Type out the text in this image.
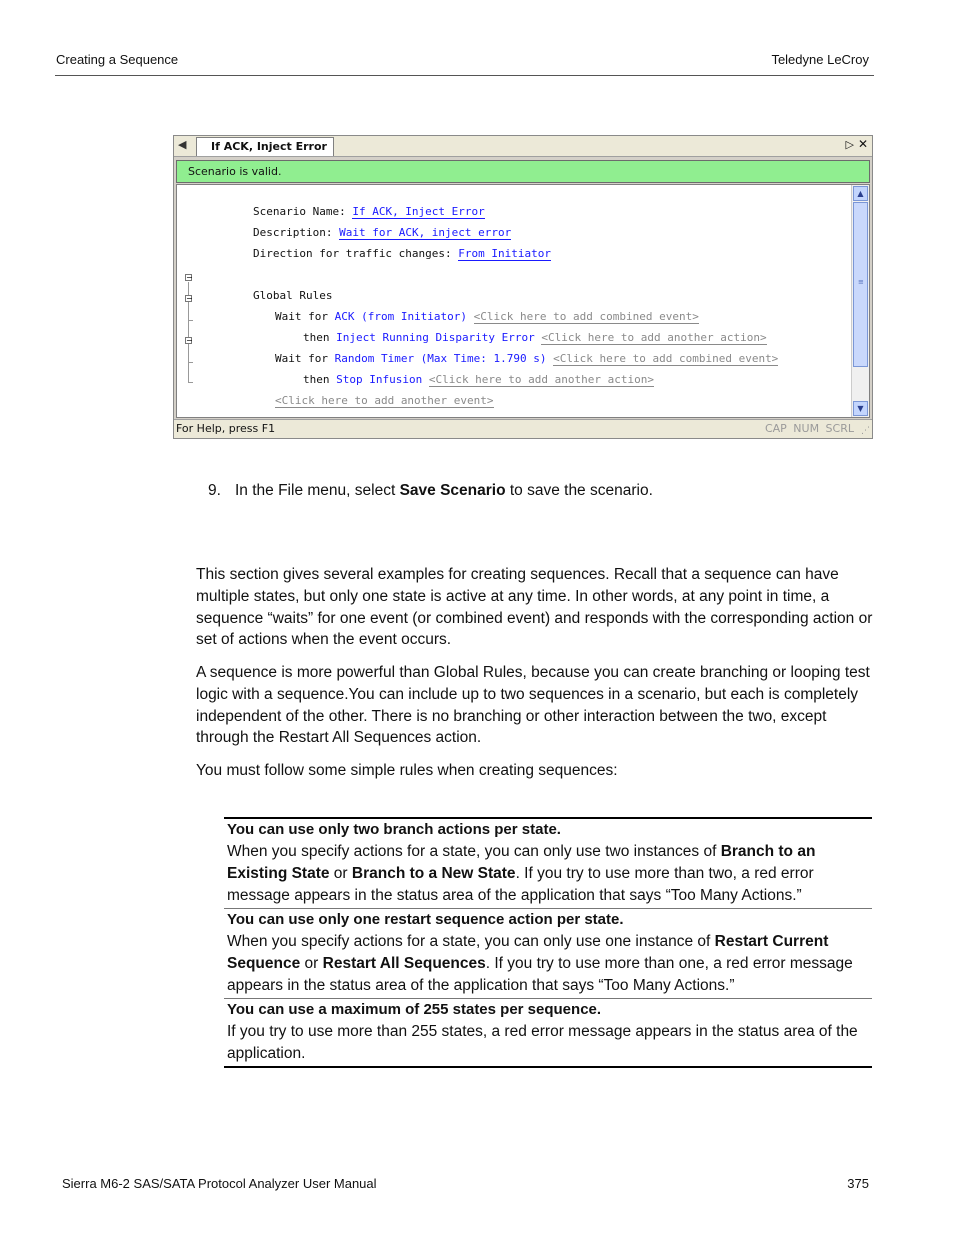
Creating a Sequence	Teledyne LeCroy
◀	If ACK, Inject Error	▷ ✕
Scenario is valid.
−
−
−

Scenario Name: If ACK, Inject Error

Description: Wait for ACK, inject error

Direction for traffic changes: From Initiator

Global Rules

Wait for ACK (from Initiator) <Click here to add combined event>

then Inject Running Disparity Error <Click here to add another action>

Wait for Random Timer (Max Time: 1.790 s) <Click here to add combined event>

then Stop Infusion <Click here to add another action>

<Click here to add another event>

▲
≡
▼
For Help, press F1	CAP NUM SCRL ⋰
9. In the File menu, select Save Scenario to save the scenario.
This section gives several examples for creating sequences. Recall that a sequence can have multiple states, but only one state is active at any time. In other words, at any point in time, a sequence “waits” for one event (or combined event) and responds with the corresponding action or set of actions when the event occurs.
A sequence is more powerful than Global Rules, because you can create branching or looping test logic with a sequence.You can include up to two sequences in a scenario, but each is completely independent of the other. There is no branching or other interaction between the two, except through the Restart All Sequences action.
You must follow some simple rules when creating sequences:
You can use only two branch actions per state.
When you specify actions for a state, you can only use two instances of Branch to an Existing State or Branch to a New State. If you try to use more than two, a red error message appears in the status area of the application that says “Too Many Actions.”
You can use only one restart sequence action per state.
When you specify actions for a state, you can only use one instance of Restart Current Sequence or Restart All Sequences. If you try to use more than one, a red error message appears in the status area of the application that says “Too Many Actions.”
You can use a maximum of 255 states per sequence.
If you try to use more than 255 states, a red error message appears in the status area of the application.
Sierra M6-2 SAS/SATA Protocol Analyzer User Manual	375
